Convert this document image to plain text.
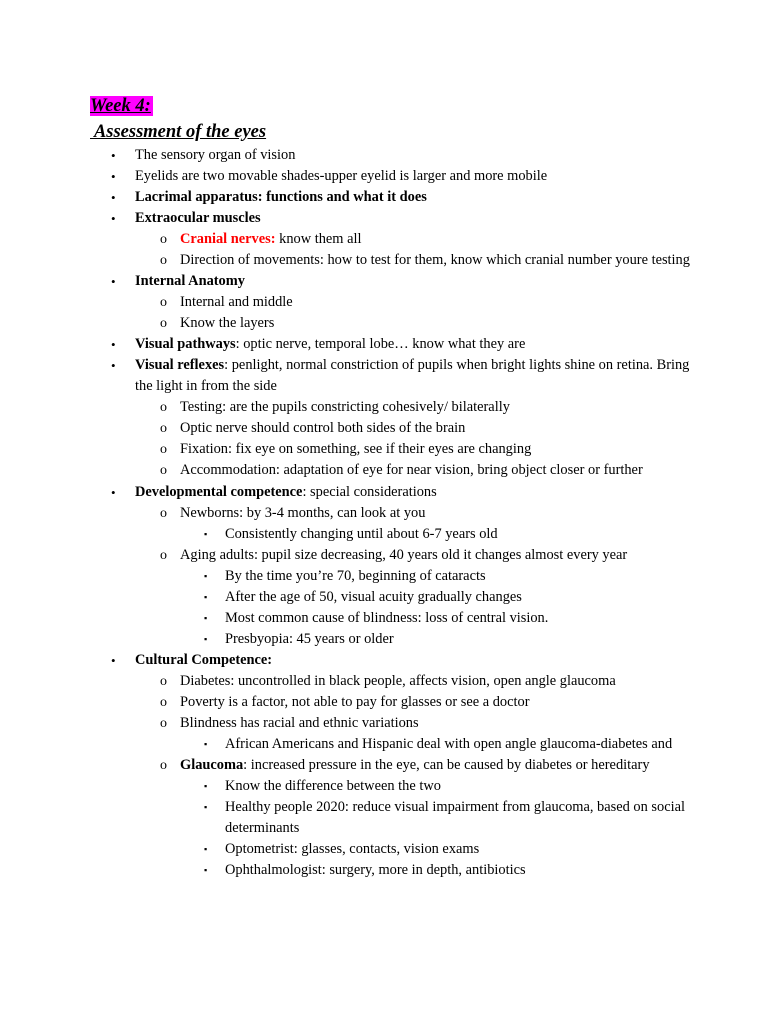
Week 4:
Assessment of the eyes
• The sensory organ of vision
• Eyelids are two movable shades-upper eyelid is larger and more mobile
• Lacrimal apparatus: functions and what it does
• Extraocular muscles
o Cranial nerves: know them all
o Direction of movements: how to test for them, know which cranial number youre testing
• Internal Anatomy
o Internal and middle
o Know the layers
• Visual pathways: optic nerve, temporal lobe… know what they are
• Visual reflexes: penlight, normal constriction of pupils when bright lights shine on retina. Bring the light in from the side
o Testing: are the pupils constricting cohesively/ bilaterally
o Optic nerve should control both sides of the brain
o Fixation: fix eye on something, see if their eyes are changing
o Accommodation: adaptation of eye for near vision, bring object closer or further
• Developmental competence: special considerations
o Newborns: by 3-4 months, can look at you
▪ Consistently changing until about 6-7 years old
o Aging adults: pupil size decreasing, 40 years old it changes almost every year
▪ By the time you’re 70, beginning of cataracts
▪ After the age of 50, visual acuity gradually changes
▪ Most common cause of blindness: loss of central vision.
▪ Presbyopia: 45 years or older
• Cultural Competence:
o Diabetes: uncontrolled in black people, affects vision, open angle glaucoma
o Poverty is a factor, not able to pay for glasses or see a doctor
o Blindness has racial and ethnic variations
▪ African Americans and Hispanic deal with open angle glaucoma-diabetes and
o Glaucoma: increased pressure in the eye, can be caused by diabetes or hereditary
▪ Know the difference between the two
▪ Healthy people 2020: reduce visual impairment from glaucoma, based on social determinants
▪ Optometrist: glasses, contacts, vision exams
▪ Ophthalmologist: surgery, more in depth, antibiotics
